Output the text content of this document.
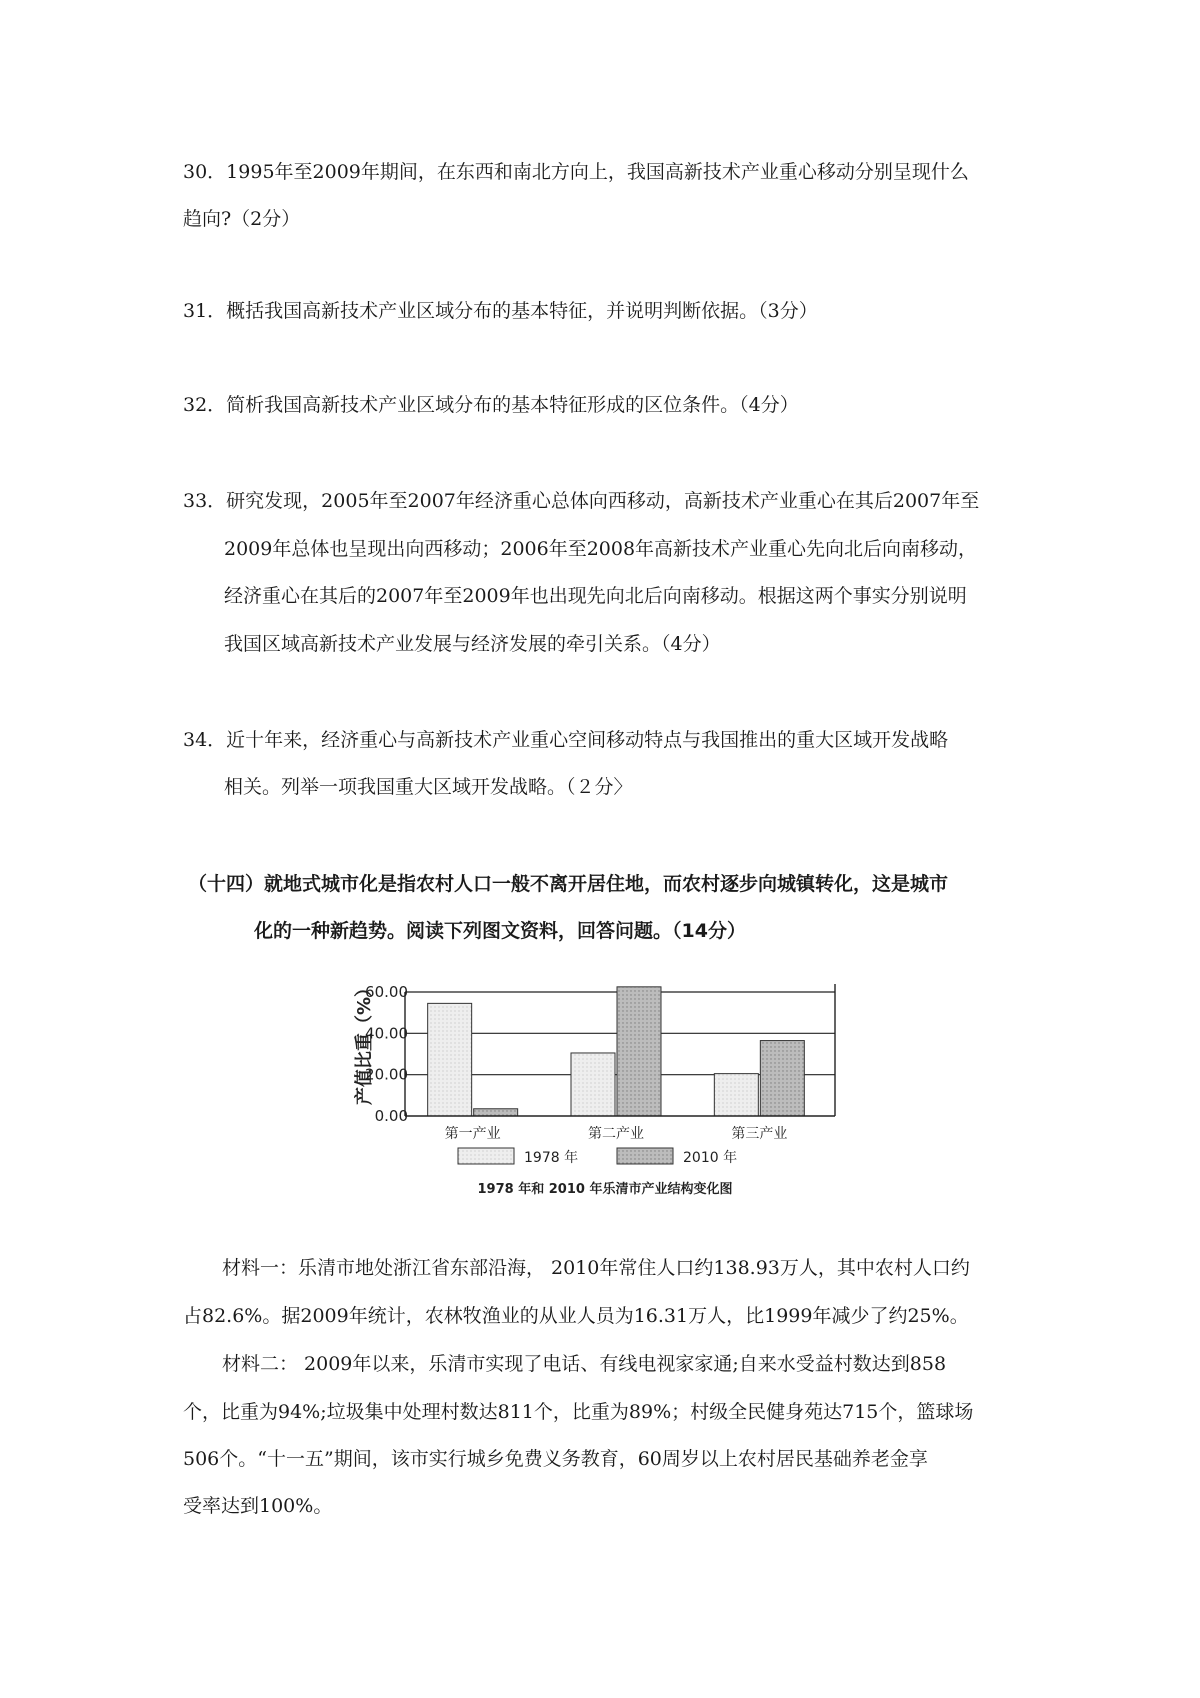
30．1995年至2009年期间，在东西和南北方向上，我国高新技术产业重心移动分别呈现什么
趋向?（2分）
31．概括我国高新技术产业区域分布的基本特征，并说明判断依据。（3分）
32．简析我国高新技术产业区域分布的基本特征形成的区位条件。（4分）
33．研究发现，2005年至2007年经济重心总体向西移动，高新技术产业重心在其后2007年至
2009年总体也呈现出向西移动；2006年至2008年高新技术产业重心先向北后向南移动，
经济重心在其后的2007年至2009年也出现先向北后向南移动。根据这两个事实分别说明
我国区域高新技术产业发展与经济发展的牵引关系。（4分）
34．近十年来，经济重心与高新技术产业重心空间移动特点与我国推出的重大区域开发战略
相关。列举一项我国重大区域开发战略。（２分〉
（十四）就地式城市化是指农村人口一般不离开居住地，而农村逐步向城镇转化，这是城市
化的一种新趋势。阅读下列图文资料，回答问题。（14分）
0.00
20.00
40.00
60.00
第一产业	第二产业	第三产业
产值比重（%）
1978 年	2010 年
1978 年和 2010 年乐清市产业结构变化图
材料一：乐清市地处浙江省东部沿海， 2010年常住人口约138.93万人，其中农村人口约
占82.6%。据2009年统计，农林牧渔业的从业人员为16.31万人，比1999年减少了约25%。
材料二： 2009年以来，乐清市实现了电话、有线电视家家通;自来水受益村数达到858
个，比重为94%;垃圾集中处理村数达811个，比重为89%；村级全民健身苑达715个，篮球场
506个。“十一五”期间，该市实行城乡免费义务教育，60周岁以上农村居民基础养老金享
受率达到100%。
